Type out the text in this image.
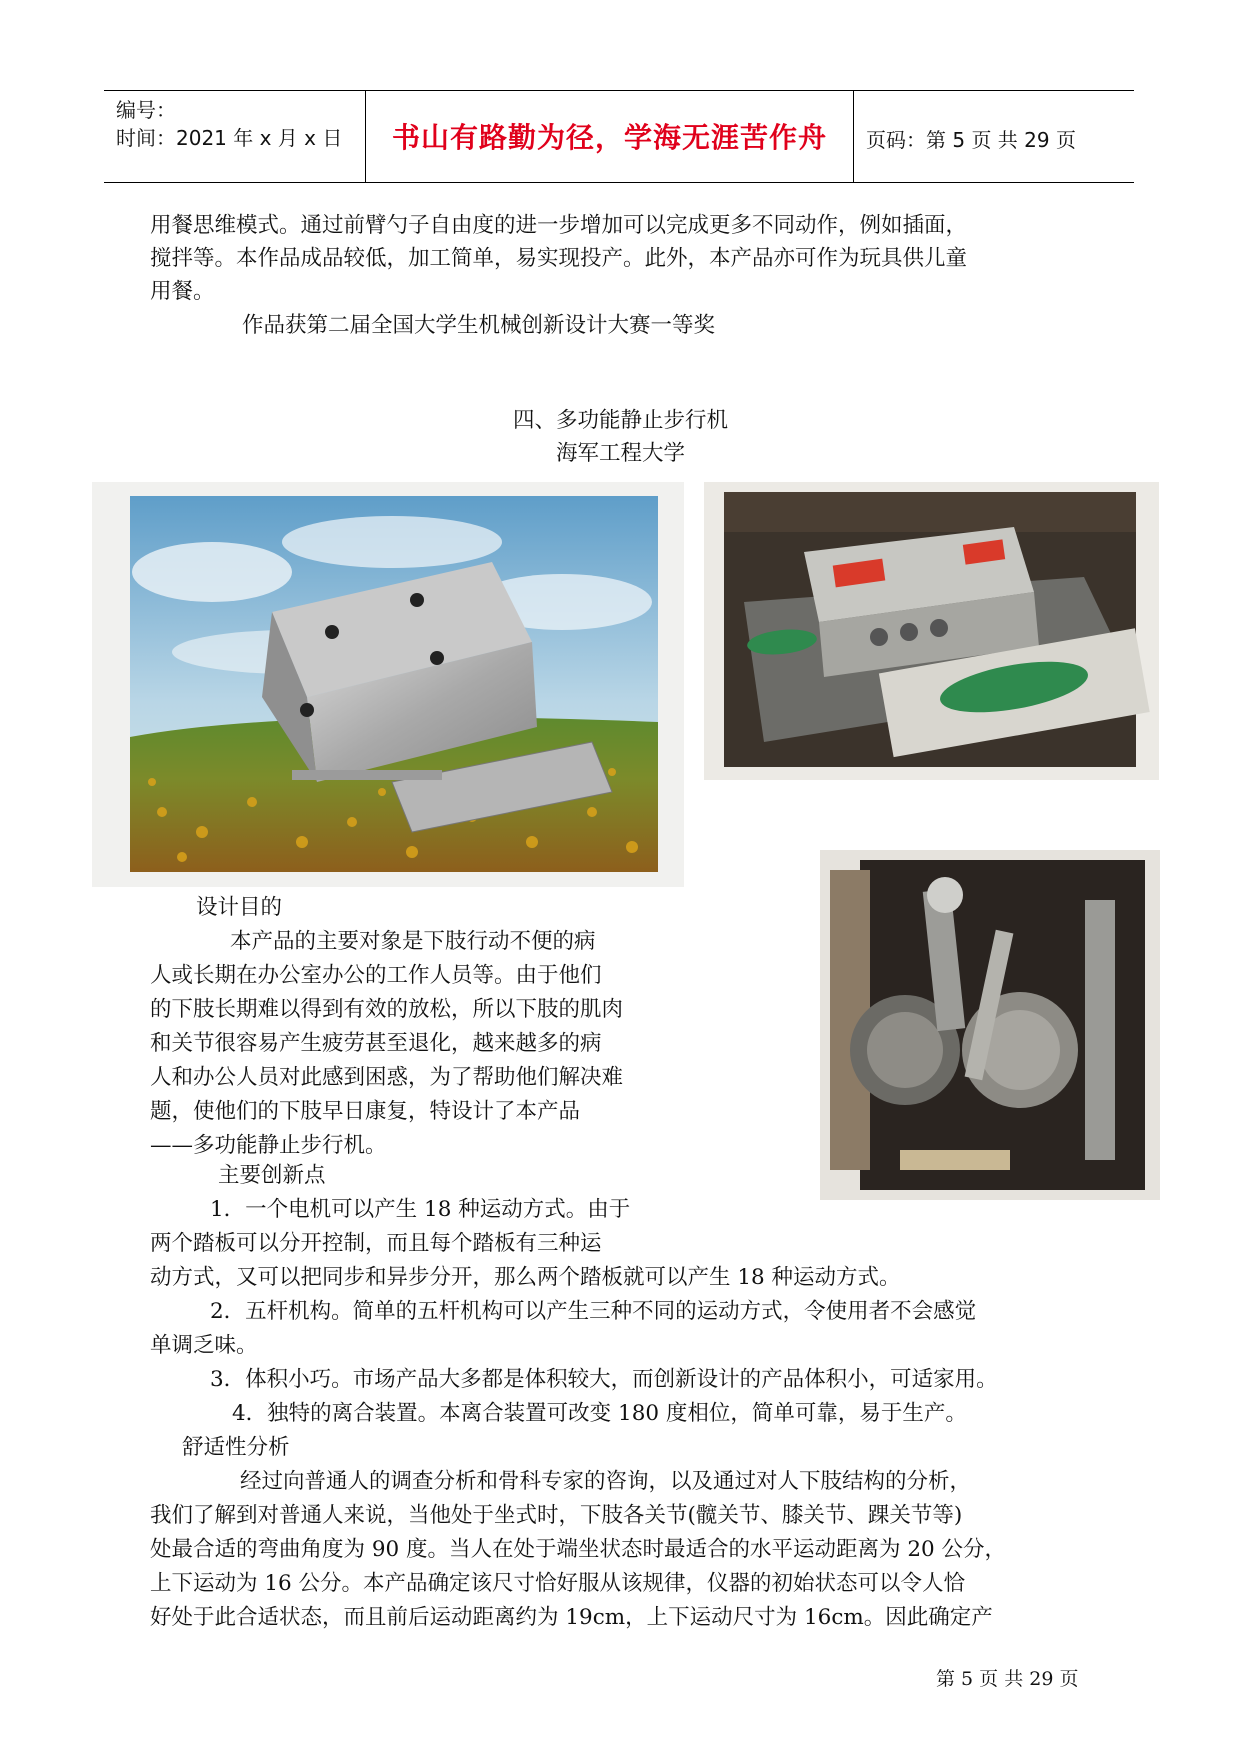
编号：
时间：2021 年 x 月 x 日	书山有路勤为径，学海无涯苦作舟	页码：第 5 页 共 29 页
用餐思维模式。通过前臂勺子自由度的进一步增加可以完成更多不同动作，例如插面，
搅拌等。本作品成品较低，加工简单，易实现投产。此外，本产品亦可作为玩具供儿童
用餐。
作品获第二届全国大学生机械创新设计大赛一等奖
四、多功能静止步行机
海军工程大学
设计目的
本产品的主要对象是下肢行动不便的病
人或长期在办公室办公的工作人员等。由于他们
的下肢长期难以得到有效的放松，所以下肢的肌肉
和关节很容易产生疲劳甚至退化，越来越多的病
人和办公人员对此感到困惑，为了帮助他们解决难
题，使他们的下肢早日康复，特设计了本产品
——多功能静止步行机。
主要创新点
1．一个电机可以产生 18 种运动方式。由于
两个踏板可以分开控制，而且每个踏板有三种运
动方式，又可以把同步和异步分开，那么两个踏板就可以产生 18 种运动方式。
2．五杆机构。简单的五杆机构可以产生三种不同的运动方式，令使用者不会感觉
单调乏味。
3．体积小巧。市场产品大多都是体积较大，而创新设计的产品体积小，可适家用。
4．独特的离合装置。本离合装置可改变 180 度相位，简单可靠，易于生产。
舒适性分析
经过向普通人的调查分析和骨科专家的咨询，以及通过对人下肢结构的分析，
我们了解到对普通人来说，当他处于坐式时，下肢各关节(髋关节、膝关节、踝关节等)
处最合适的弯曲角度为 90 度。当人在处于端坐状态时最适合的水平运动距离为 20 公分，
上下运动为 16 公分。本产品确定该尺寸恰好服从该规律，仪器的初始状态可以令人恰
好处于此合适状态，而且前后运动距离约为 19cm，上下运动尺寸为 16cm。因此确定产
第 5 页 共 29 页
